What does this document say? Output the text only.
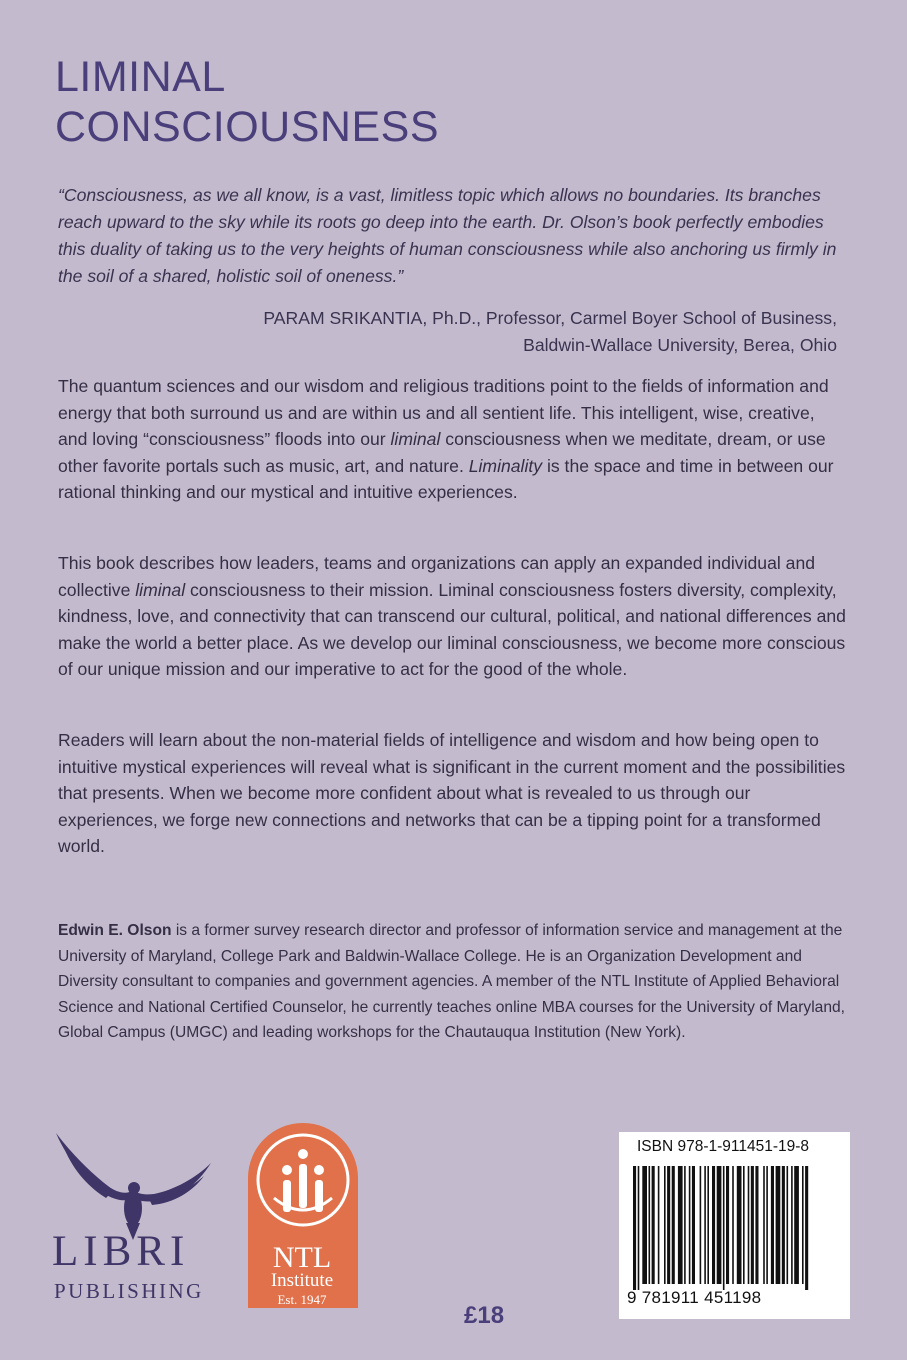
LIMINAL
CONSCIOUSNESS

“Consciousness, as we all know, is a vast, limitless topic which allows no boundaries. Its branches reach upward to the sky while its roots go deep into the earth. Dr. Olson’s book perfectly embodies this duality of taking us to the very heights of human consciousness while also anchoring us firmly in the soil of a shared, holistic soil of oneness.”

PARAM SRIKANTIA, Ph.D., Professor, Carmel Boyer School of Business,
Baldwin-Wallace University, Berea, Ohio

The quantum sciences and our wisdom and religious traditions point to the fields of information and energy that both surround us and are within us and all sentient life. This intelligent, wise, creative, and loving “consciousness” floods into our liminal consciousness when we meditate, dream, or use other favorite portals such as music, art, and nature. Liminality is the space and time in between our rational thinking and our mystical and intuitive experiences.

This book describes how leaders, teams and organizations can apply an expanded individual and collective liminal consciousness to their mission. Liminal consciousness fosters diversity, complexity, kindness, love, and connectivity that can transcend our cultural, political, and national differences and make the world a better place. As we develop our liminal consciousness, we become more conscious of our unique mission and our imperative to act for the good of the whole.

Readers will learn about the non-material fields of intelligence and wisdom and how being open to intuitive mystical experiences will reveal what is significant in the current moment and the possibilities that presents. When we become more confident about what is revealed to us through our experiences, we forge new connections and networks that can be a tipping point for a transformed world.

Edwin E. Olson is a former survey research director and professor of information service and management at the University of Maryland, College Park and Baldwin-Wallace College. He is an Organization Development and Diversity consultant to companies and government agencies. A member of the NTL Institute of Applied Behavioral Science and National Certified Counselor, he currently teaches online MBA courses for the University of Maryland, Global Campus (UMGC) and leading workshops for the Chautauqua Institution (New York).

LIBRI
PUBLISHING
NTL
Institute
Est. 1947
£18
ISBN 978-1-911451-19-8
9 781911 451198
